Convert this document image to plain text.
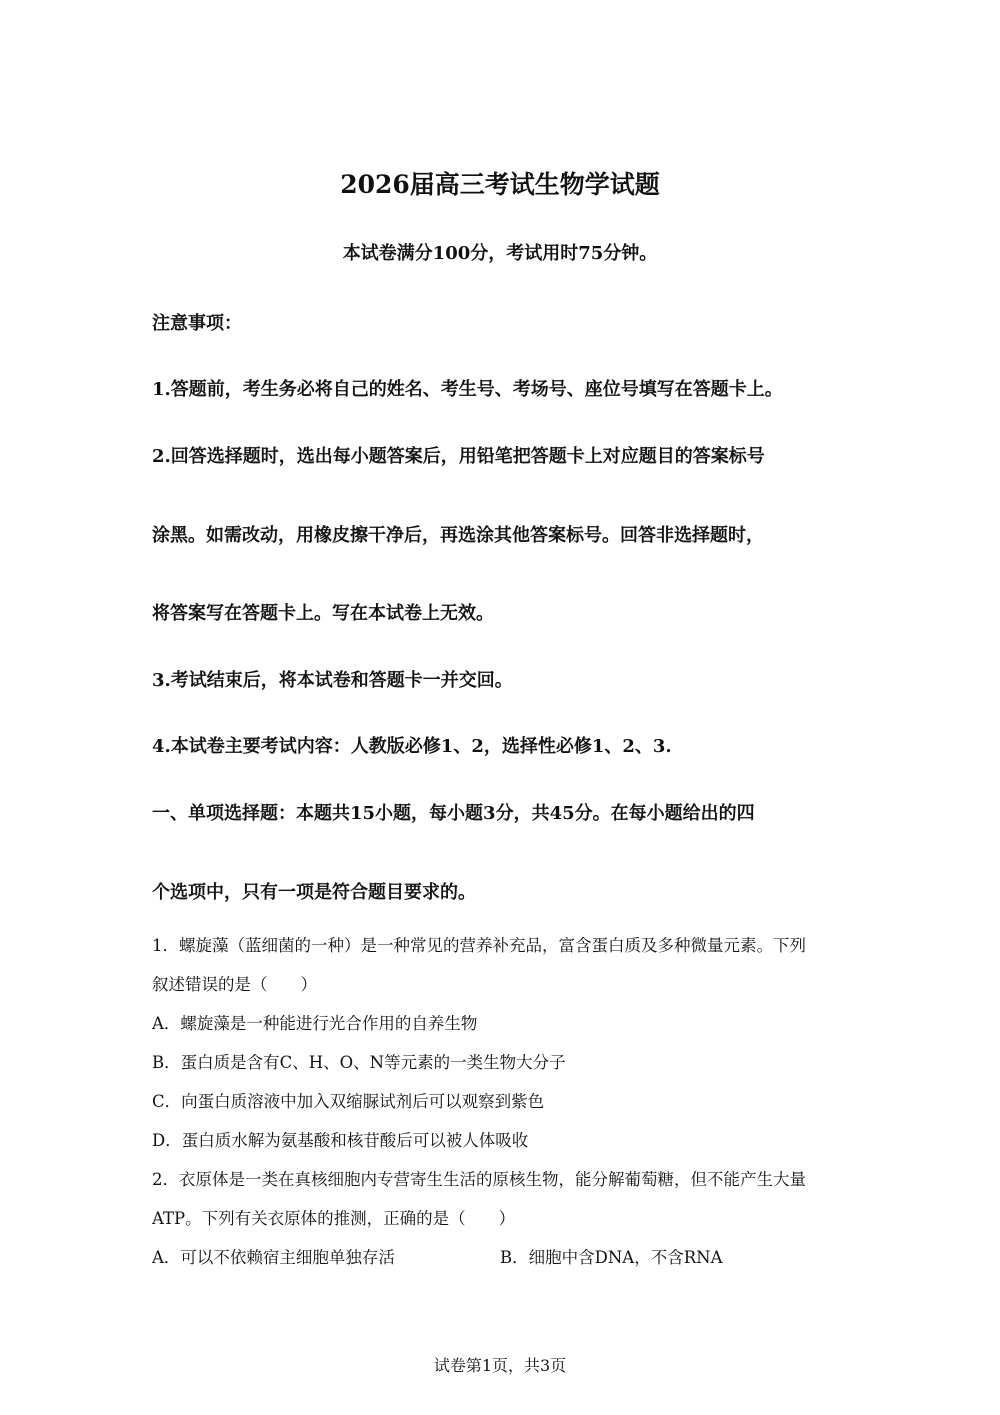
2026届高三考试生物学试题
本试卷满分100分，考试用时75分钟。
注意事项：
1.答题前，考生务必将自己的姓名、考生号、考场号、座位号填写在答题卡上。
2.回答选择题时，选出每小题答案后，用铅笔把答题卡上对应题目的答案标号
涂黑。如需改动，用橡皮擦干净后，再选涂其他答案标号。回答非选择题时，
将答案写在答题卡上。写在本试卷上无效。
3.考试结束后，将本试卷和答题卡一并交回。
4.本试卷主要考试内容：人教版必修1、2，选择性必修1、2、3.
一、单项选择题：本题共15小题，每小题3分，共45分。在每小题给出的四
个选项中，只有一项是符合题目要求的。
1．螺旋藻（蓝细菌的一种）是一种常见的营养补充品，富含蛋白质及多种微量元素。下列
叙述错误的是（　　）
A．螺旋藻是一种能进行光合作用的自养生物
B．蛋白质是含有C、H、O、N等元素的一类生物大分子
C．向蛋白质溶液中加入双缩脲试剂后可以观察到紫色
D．蛋白质水解为氨基酸和核苷酸后可以被人体吸收
2．衣原体是一类在真核细胞内专营寄生生活的原核生物，能分解葡萄糖，但不能产生大量
ATP。下列有关衣原体的推测，正确的是（　　）
A．可以不依赖宿主细胞单独存活	B．细胞中含DNA，不含RNA
试卷第1页，共3页
